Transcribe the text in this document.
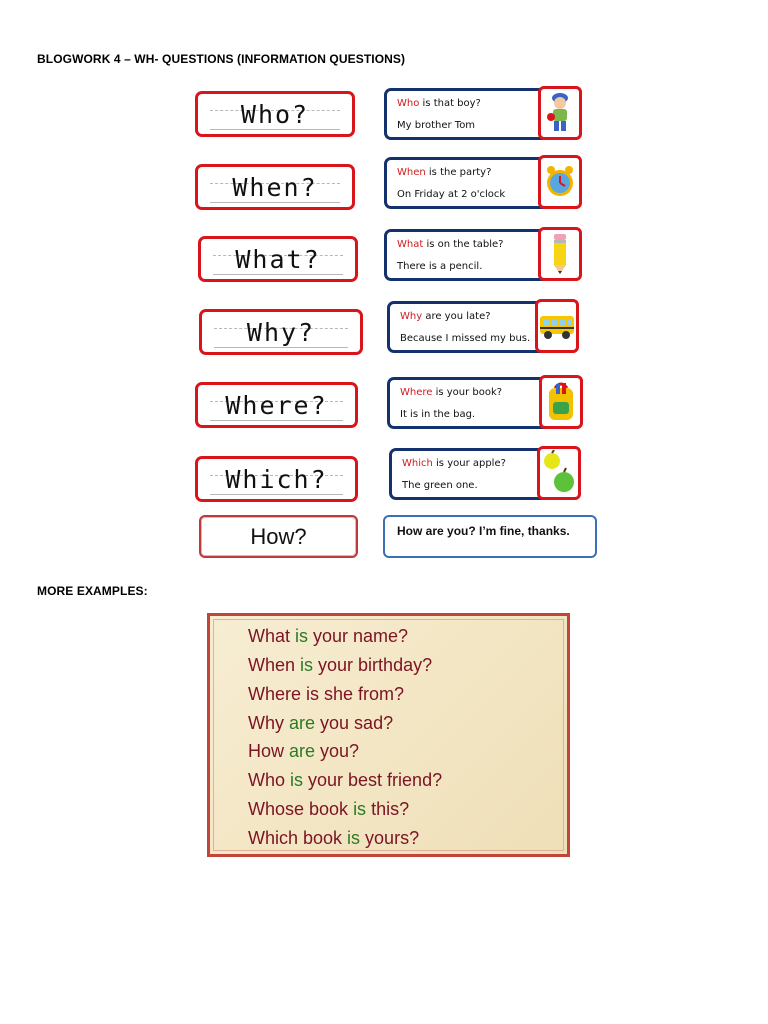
BLOGWORK 4 – WH- QUESTIONS (INFORMATION QUESTIONS)
Who?	Who is that boy?
My brother Tom
When?	When is the party?
On Friday at 2 o'clock
What?	What is on the table?
There is a pencil.
Why?
Why are you late?
Because I missed my bus.
Where?	Where is your book?
It is in the bag.
Which?
Which is your apple?
The green one.
How?	How are you? I’m fine, thanks.
MORE EXAMPLES:
What is your name?
When is your birthday?
Where is she from?
Why are you sad?
How are you?
Who is your best friend?
Whose book is this?
Which book is yours?
